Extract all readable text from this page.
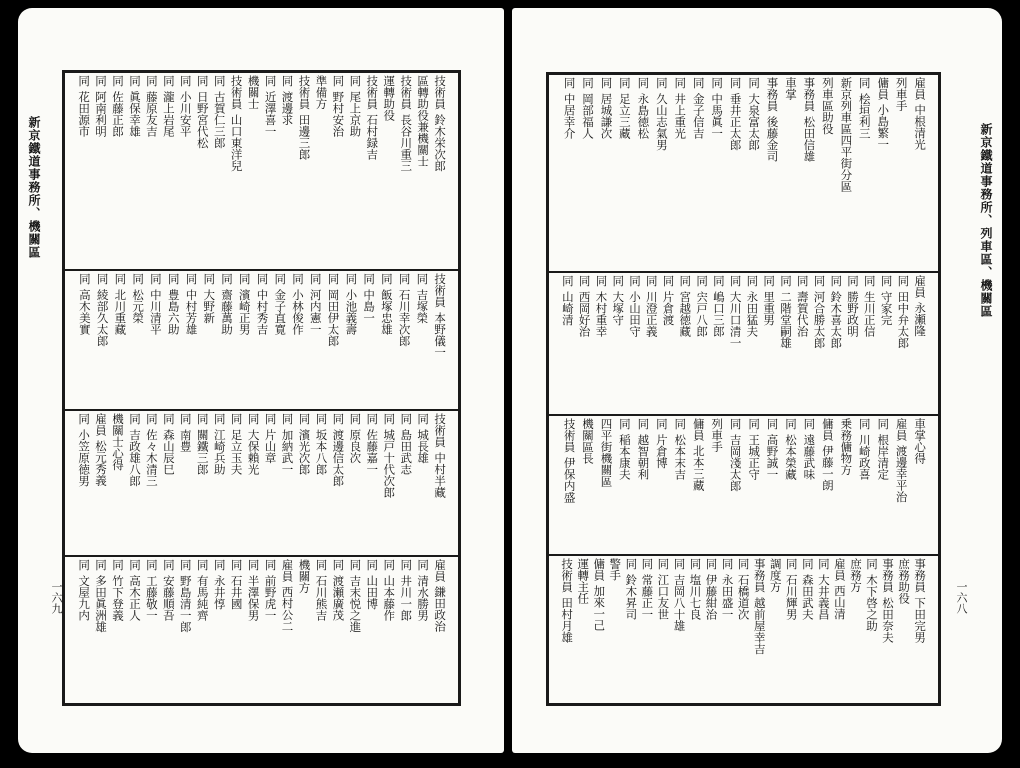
新京鐵道事務所、機關區
一六九
技術員
鈴木栄次郎
區轉助役兼機關士
技術員
長谷川重三
運轉助役
技術員
石村録吉
同
尾上京助
同
野村安治
準備方
技術員
田邊三郎
同
渡邊求
同
近澤喜一
機關士
技術員
山口東洋兒
同
古賀仁三郎
同
日野宮代松
同
小川安平
同
瀧上岩尾
同
藤原友吉
同
眞保幸雄
同
佐藤正郎
同
阿南利明
同
花田源市
技術員
本野儀一
同
吉塚榮
同
石川幸次郎
同
飯塚忠雄
同
中島一
同
小池義壽
同
岡田伊太郎
同
河内憲一
同
小林俊作
同
金子直寛
同
中村秀吉
同
濱崎正男
同
齋藤萬助
同
大野新
同
中村芳雄
同
豊島六助
同
中川清平
同
松元榮
同
北川重藏
同
綾部久太郎
同
高木美實
技術員
中村半藏
同
城長雄
同
島田武志
同
城戸十代次郎
同
佐藤嘉一
同
原良次
同
渡邊信太郎
同
坂本八郎
同
濱光次郎
同
加納武一
同
片山章
同
大保賴光
同
足立玉夫
同
江崎兵助
同
關鐵三郎
同
南豊
同
森山辰巳
同
佐々木清三
同
吉政雄八郎
機關士心得
雇員
松元秀義
同
小笠原徳男
雇員
鎌田政治
同
清水勝男
同
井川一郎
同
山本藤作
同
山田博
同
吉末悦之進
同
渡瀬廣茂
同
石川熊吉
機關方
雇員
西村公二
同
前野虎一
同
半澤保男
同
石井國
同
永井惇
同
有馬純齊
同
野島清一郎
同
安藤順吾
同
工藤敬一
同
高木正人
同
竹下登義
同
多田眞洲雄
同
文屋九内
新京鐵道事務所、列車區、機關區
一六八
雇員
中根清光
列車手
傭員
小島繁一
同
桧垣利三
新京列車區四平街分區
列車區助役
事務員
松田信雄
車掌
事務員
後藤金司
同
大泉富太郎
同
垂井正太郎
同
中馬眞一
同
金子信吉
同
井上重光
同
久山志氣男
同
永島徳松
同
足立三藏
同
居城謙次
同
岡部福人
同
中居幸介
雇員
永瀬隆
同
田中弁太郎
同
守家完
同
生川正信
同
勝野政明
同
鈴木喜太郎
同
河合勝太郎
同
壽賀代治
同
二階堂嗣雄
同
里重男
同
永田猛夫
同
大川口清一
同
嶋口三郎
同
宍戸八郎
同
宮越徳藏
同
片倉渡
同
川澄正義
同
小山田守
同
大塚守
同
木村重幸
同
西岡好治
同
山崎清
車掌心得
雇員
渡邊幸平治
同
根岸清定
同
川崎政喜
乗務傭物方
傭員
伊藤一朗
同
遠藤武味
同
松本榮藏
同
高野誠一
同
王城正守
同
吉岡淺太郎
列車手
傭員
北本三藏
同
松本末吉
同
片倉博
同
越智朝利
同
稲本康夫
四平街機關區
機關區長
技術員
伊保内盛
事務員
下田完男
庶務助役
事務員
松田奈夫
同
木下啓之助
庶務方
雇員
西山清
同
大井義昌
同
森田武夫
同
石川輝男
調度方
事務員
越前屋幸吉
同
石橋道次
同
永田盛一
同
伊藤紺治
同
塩川七良
同
吉岡八十雄
同
江口友世
同
常藤正一
同
鈴木昇司
警手
傭員
加來一己
運轉主任
技術員
田村月雄
